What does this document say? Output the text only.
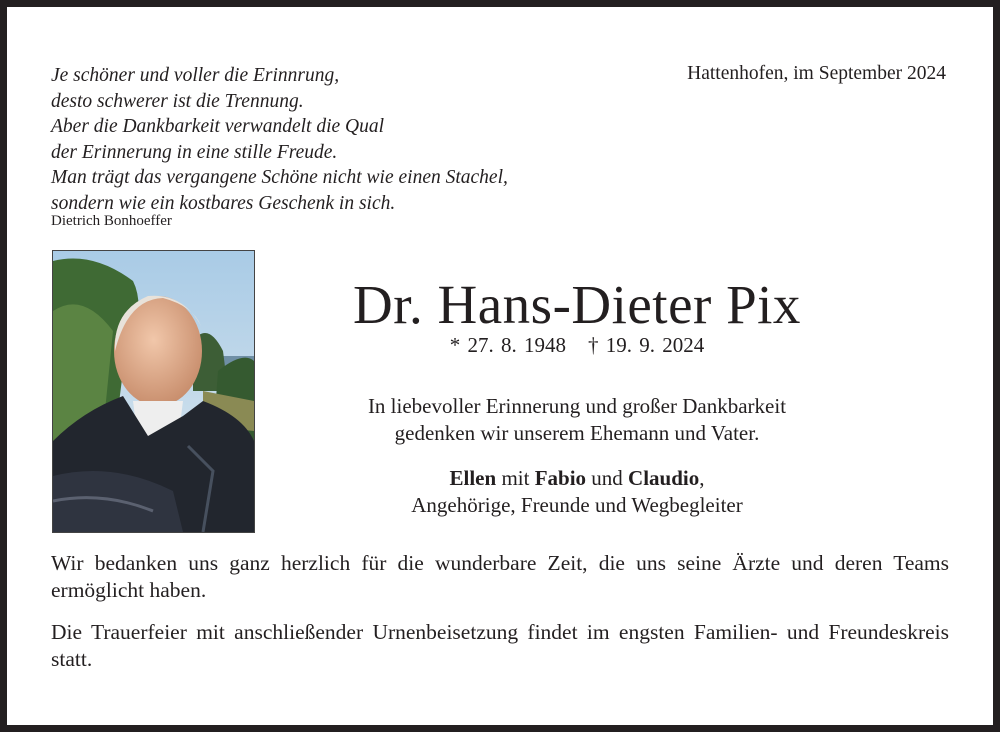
Je schöner und voller die Erinnrung,
desto schwerer ist die Trennung.
Aber die Dankbarkeit verwandelt die Qual
der Erinnerung in eine stille Freude.
Man trägt das vergangene Schöne nicht wie einen Stachel,
sondern wie ein kostbares Geschenk in sich.
Dietrich Bonhoeffer
Hattenhofen, im September 2024
Dr. Hans-Dieter Pix
* 27. 8. 1948 † 19. 9. 2024
In liebevoller Erinnerung und großer Dankbarkeit
gedenken wir unserem Ehemann und Vater.
Ellen mit Fabio und Claudio,
Angehörige, Freunde und Wegbegleiter
Wir bedanken uns ganz herzlich für die wunderbare Zeit, die uns seine Ärzte und deren Teams ermöglicht haben.
Die Trauerfeier mit anschließender Urnenbeisetzung findet im engsten Familien- und Freundeskreis statt.
